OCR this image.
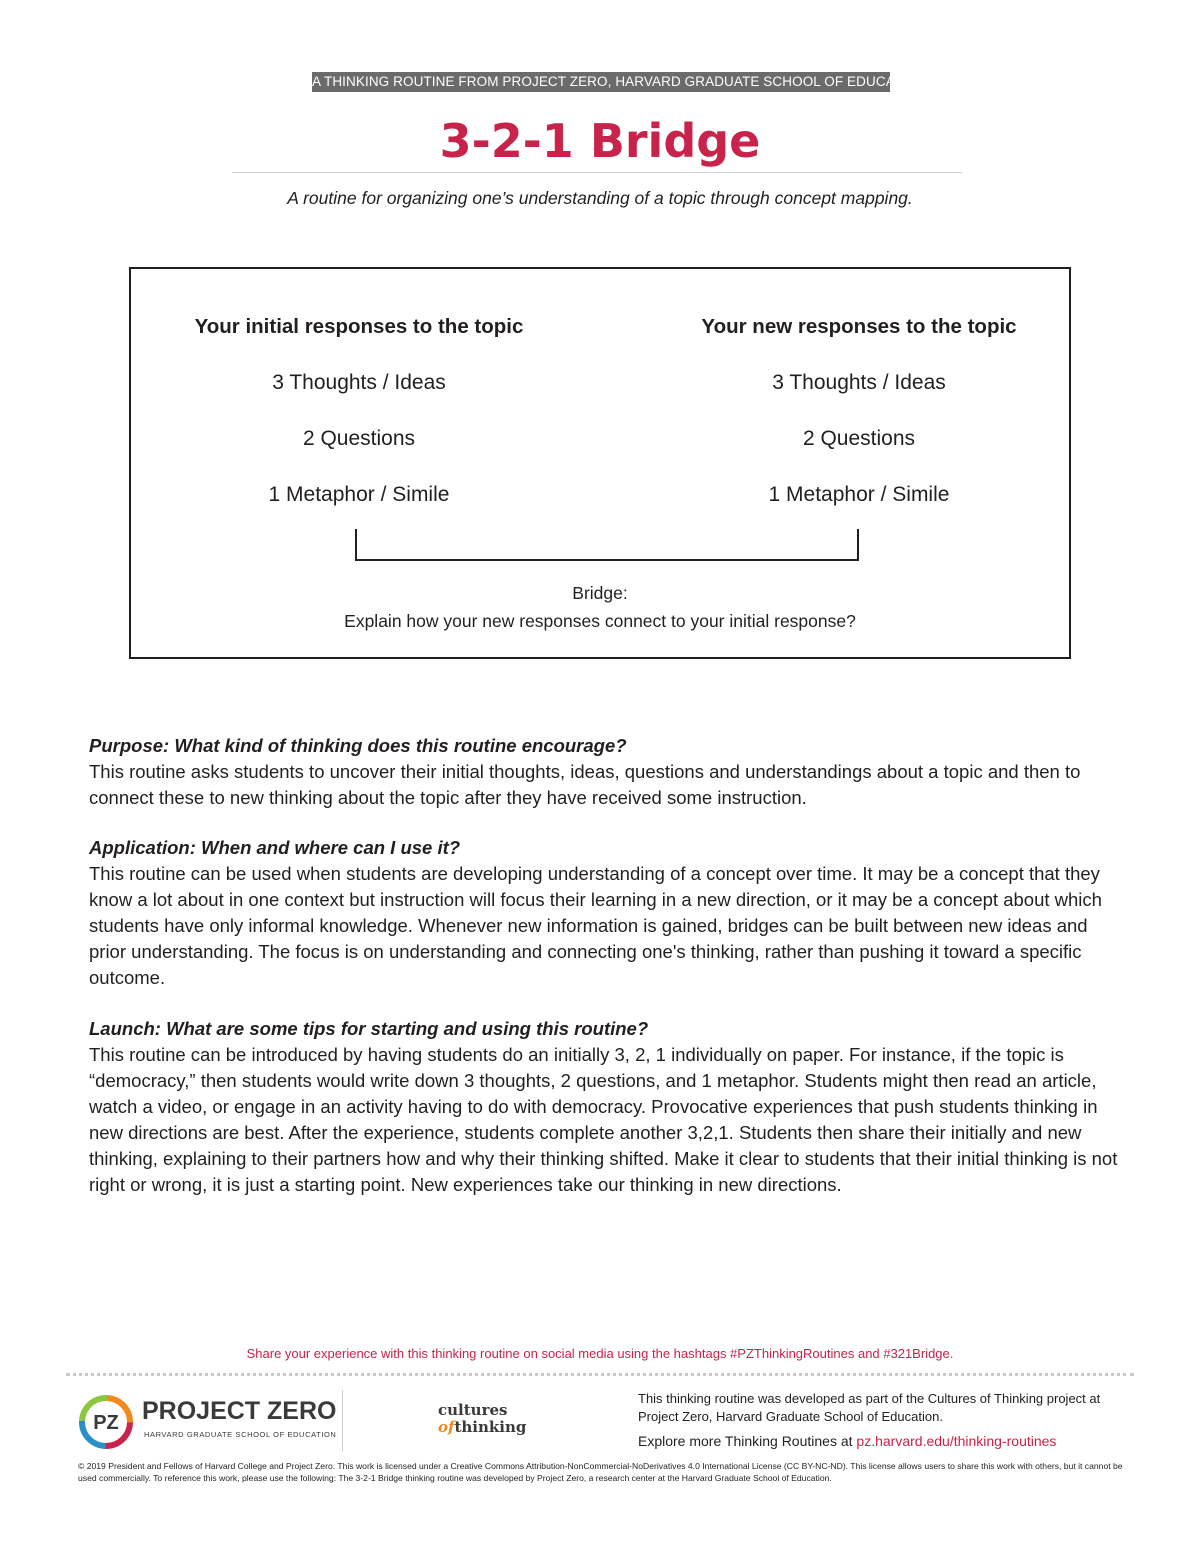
A THINKING ROUTINE FROM PROJECT ZERO, HARVARD GRADUATE SCHOOL OF EDUCATION
3-2-1 Bridge
A routine for organizing one’s understanding of a topic through concept mapping.
Your initial responses to the topic
3 Thoughts / Ideas
2 Questions
1 Metaphor / Simile
Your new responses to the topic
3 Thoughts / Ideas
2 Questions
1 Metaphor / Simile
Bridge:
Explain how your new responses connect to your initial response?
Purpose: What kind of thinking does this routine encourage?
This routine asks students to uncover their initial thoughts, ideas, questions and understandings about a topic and then to connect these to new thinking about the topic after they have received some instruction.
Application: When and where can I use it?
This routine can be used when students are developing understanding of a concept over time. It may be a concept that they know a lot about in one context but instruction will focus their learning in a new direction, or it may be a concept about which students have only informal knowledge. Whenever new information is gained, bridges can be built between new ideas and prior understanding. The focus is on understanding and connecting one's thinking, rather than pushing it toward a specific outcome.
Launch: What are some tips for starting and using this routine?
This routine can be introduced by having students do an initially 3, 2, 1 individually on paper. For instance, if the topic is “democracy,” then students would write down 3 thoughts, 2 questions, and 1 metaphor. Students might then read an article, watch a video, or engage in an activity having to do with democracy. Provocative experiences that push students thinking in new directions are best. After the experience, students complete another 3,2,1. Students then share their initially and new thinking, explaining to their partners how and why their thinking shifted. Make it clear to students that their initial thinking is not right or wrong, it is just a starting point. New experiences take our thinking in new directions.
Share your experience with this thinking routine on social media using the hashtags #PZThinkingRoutines and #321Bridge.
PZ PROJECT ZERO
HARVARD GRADUATE SCHOOL OF EDUCATION
cultures
ofthinking
This thinking routine was developed as part of the Cultures of Thinking project at Project Zero, Harvard Graduate School of Education.
Explore more Thinking Routines at pz.harvard.edu/thinking-routines
© 2019 President and Fellows of Harvard College and Project Zero. This work is licensed under a Creative Commons Attribution-NonCommercial-NoDerivatives 4.0 International License (CC BY-NC-ND). This license allows users to share this work with others, but it cannot be used commercially. To reference this work, please use the following: The 3-2-1 Bridge thinking routine was developed by Project Zero, a research center at the Harvard Graduate School of Education.
